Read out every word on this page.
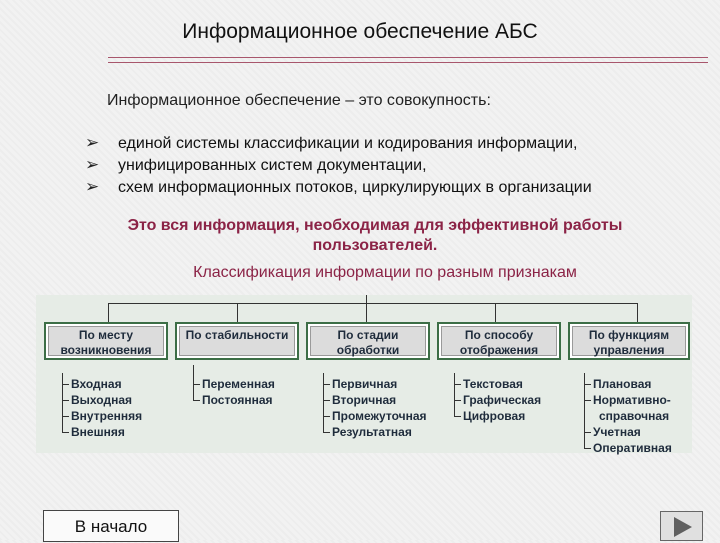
Информационное обеспечение АБС
Информационное обеспечение – это совокупность:
➢ единой системы классификации и кодирования информации,
➢ унифицированных систем документации,
➢ схем информационных потоков, циркулирующих в организации
Это вся информация, необходимая для эффективной работы
пользователей.
Классификация информации по разным признакам
По месту
возникновения
По стабильности	По стадии
обработки
По способу
отображения
По функциям
управления
Входная
Выходная
Внутренняя
Внешняя
Переменная
Постоянная
Первичная
Вторичная
Промежуточная
Результатная
Текстовая
Графическая
Цифровая
Плановая
Нормативно-
справочная
Учетная
Оперативная
В начало
